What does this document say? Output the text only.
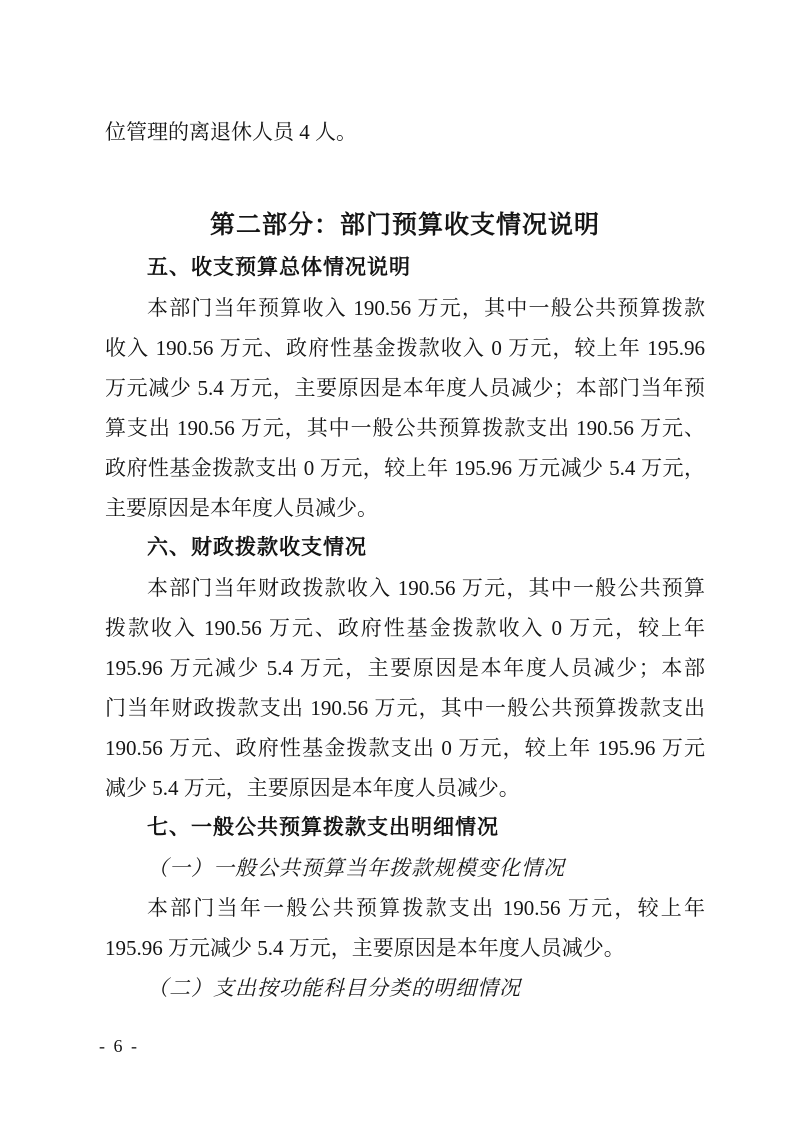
位管理的离退休人员 4 人。
第二部分：部门预算收支情况说明
五、收支预算总体情况说明
本部门当年预算收入 190.56 万元，其中一般公共预算拨款
收入 190.56 万元、政府性基金拨款收入 0 万元，较上年 195.96
万元减少 5.4 万元，主要原因是本年度人员减少；本部门当年预
算支出 190.56 万元，其中一般公共预算拨款支出 190.56 万元、
政府性基金拨款支出 0 万元，较上年 195.96 万元减少 5.4 万元，
主要原因是本年度人员减少。
六、财政拨款收支情况
本部门当年财政拨款收入 190.56 万元，其中一般公共预算
拨款收入 190.56 万元、政府性基金拨款收入 0 万元，较上年
195.96 万元减少 5.4 万元，主要原因是本年度人员减少；本部
门当年财政拨款支出 190.56 万元，其中一般公共预算拨款支出
190.56 万元、政府性基金拨款支出 0 万元，较上年 195.96 万元
减少 5.4 万元，主要原因是本年度人员减少。
七、一般公共预算拨款支出明细情况
（一）一般公共预算当年拨款规模变化情况
本部门当年一般公共预算拨款支出 190.56 万元，较上年
195.96 万元减少 5.4 万元，主要原因是本年度人员减少。
（二）支出按功能科目分类的明细情况
- 6 -
